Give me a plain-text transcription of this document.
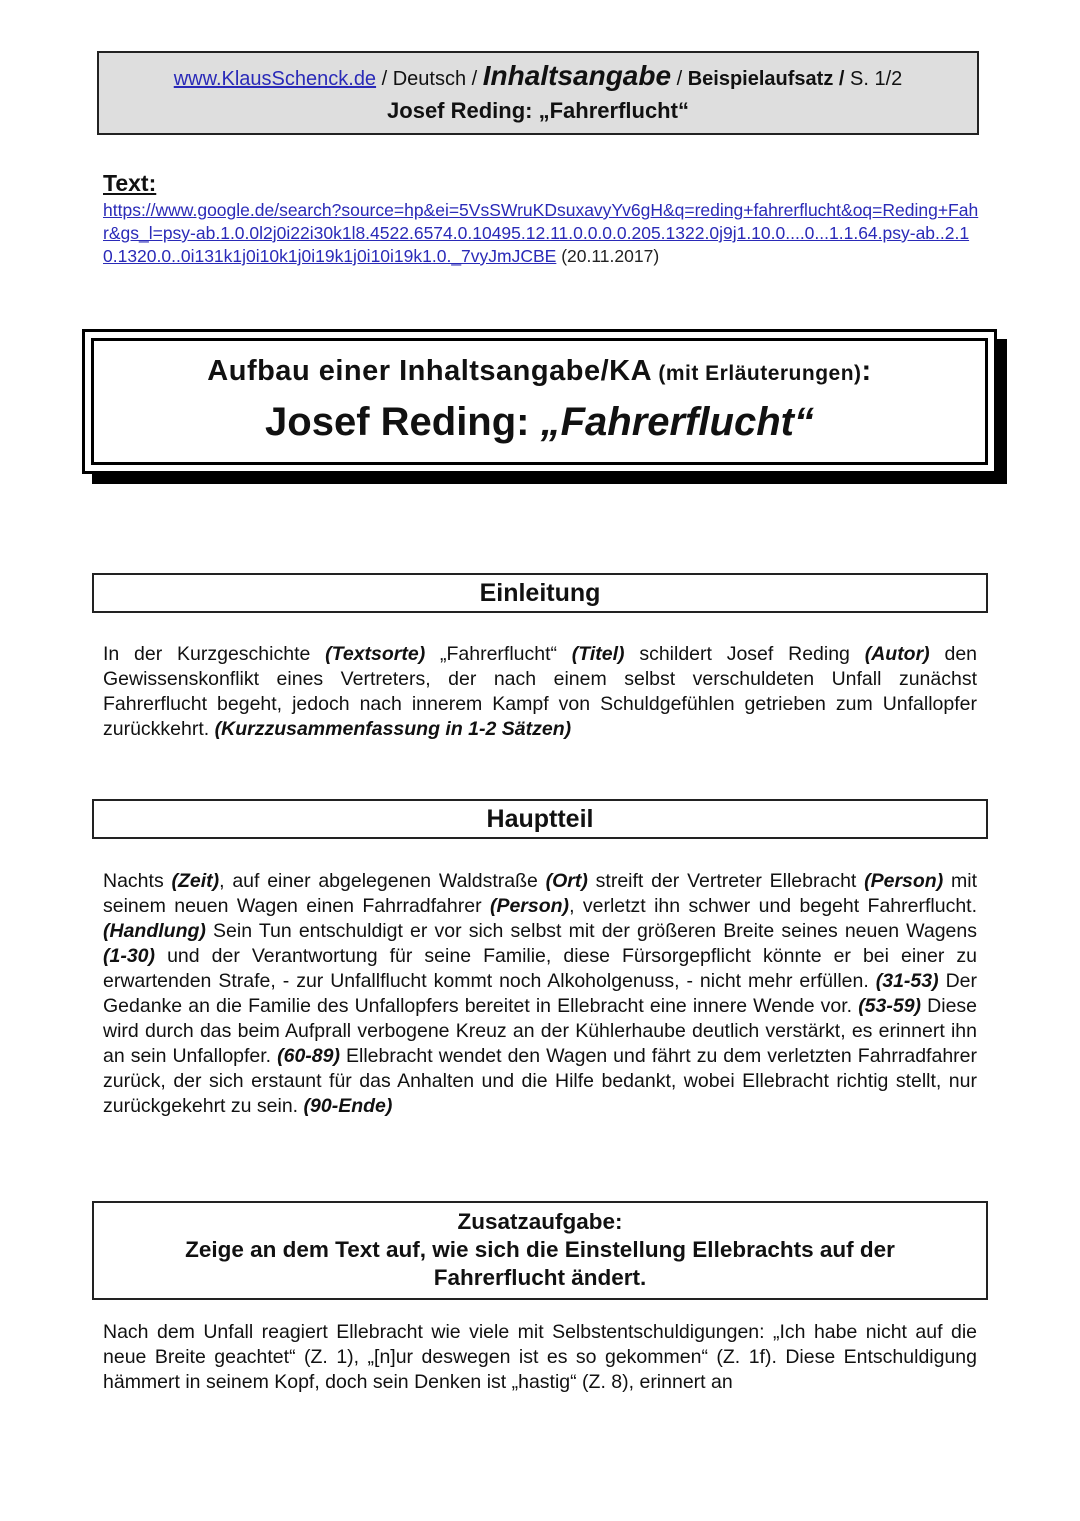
www.KlausSchenck.de / Deutsch / Inhaltsangabe / Beispielaufsatz / S. 1/2
Josef Reding: „Fahrerflucht“
Text:
https://www.google.de/search?source=hp&ei=5VsSWruKDsuxavyYv6gH&q=reding+fahrerflucht&oq=Reding+Fahr&gs_l=psy-ab.1.0.0l2j0i22i30k1l8.4522.6574.0.10495.12.11.0.0.0.0.205.1322.0j9j1.10.0....0...1.1.64.psy-ab..2.10.1320.0..0i131k1j0i10k1j0i19k1j0i10i19k1.0._7vyJmJCBE (20.11.2017)
Aufbau einer Inhaltsangabe/KA (mit Erläuterungen):
Josef Reding: „Fahrerflucht“
Einleitung
In der Kurzgeschichte (Textsorte) „Fahrerflucht“ (Titel) schildert Josef Reding (Autor) den Gewissenskonflikt eines Vertreters, der nach einem selbst verschuldeten Unfall zunächst Fahrerflucht begeht, jedoch nach innerem Kampf von Schuldgefühlen getrieben zum Unfallopfer zurückkehrt. (Kurzzusammenfassung in 1-2 Sätzen)
Hauptteil
Nachts (Zeit), auf einer abgelegenen Waldstraße (Ort) streift der Vertreter Ellebracht (Person) mit seinem neuen Wagen einen Fahrradfahrer (Person), verletzt ihn schwer und begeht Fahrerflucht. (Handlung) Sein Tun entschuldigt er vor sich selbst mit der größeren Breite seines neuen Wagens (1-30) und der Verantwortung für seine Familie, diese Fürsorgepflicht könnte er bei einer zu erwartenden Strafe, - zur Unfallflucht kommt noch Alkoholgenuss, - nicht mehr erfüllen. (31-53) Der Gedanke an die Familie des Unfallopfers bereitet in Ellebracht eine innere Wende vor. (53-59) Diese wird durch das beim Aufprall verbogene Kreuz an der Kühlerhaube deutlich verstärkt, es erinnert ihn an sein Unfallopfer. (60-89) Ellebracht wendet den Wagen und fährt zu dem verletzten Fahrradfahrer zurück, der sich erstaunt für das Anhalten und die Hilfe bedankt, wobei Ellebracht richtig stellt, nur zurückgekehrt zu sein. (90-Ende)
Zusatzaufgabe:
Zeige an dem Text auf, wie sich die Einstellung Ellebrachts auf der Fahrerflucht ändert.
Nach dem Unfall reagiert Ellebracht wie viele mit Selbstentschuldigungen: „Ich habe nicht auf die neue Breite geachtet“ (Z. 1), „[n]ur deswegen ist es so gekommen“ (Z. 1f). Diese Entschuldigung hämmert in seinem Kopf, doch sein Denken ist „hastig“ (Z. 8), erinnert an
